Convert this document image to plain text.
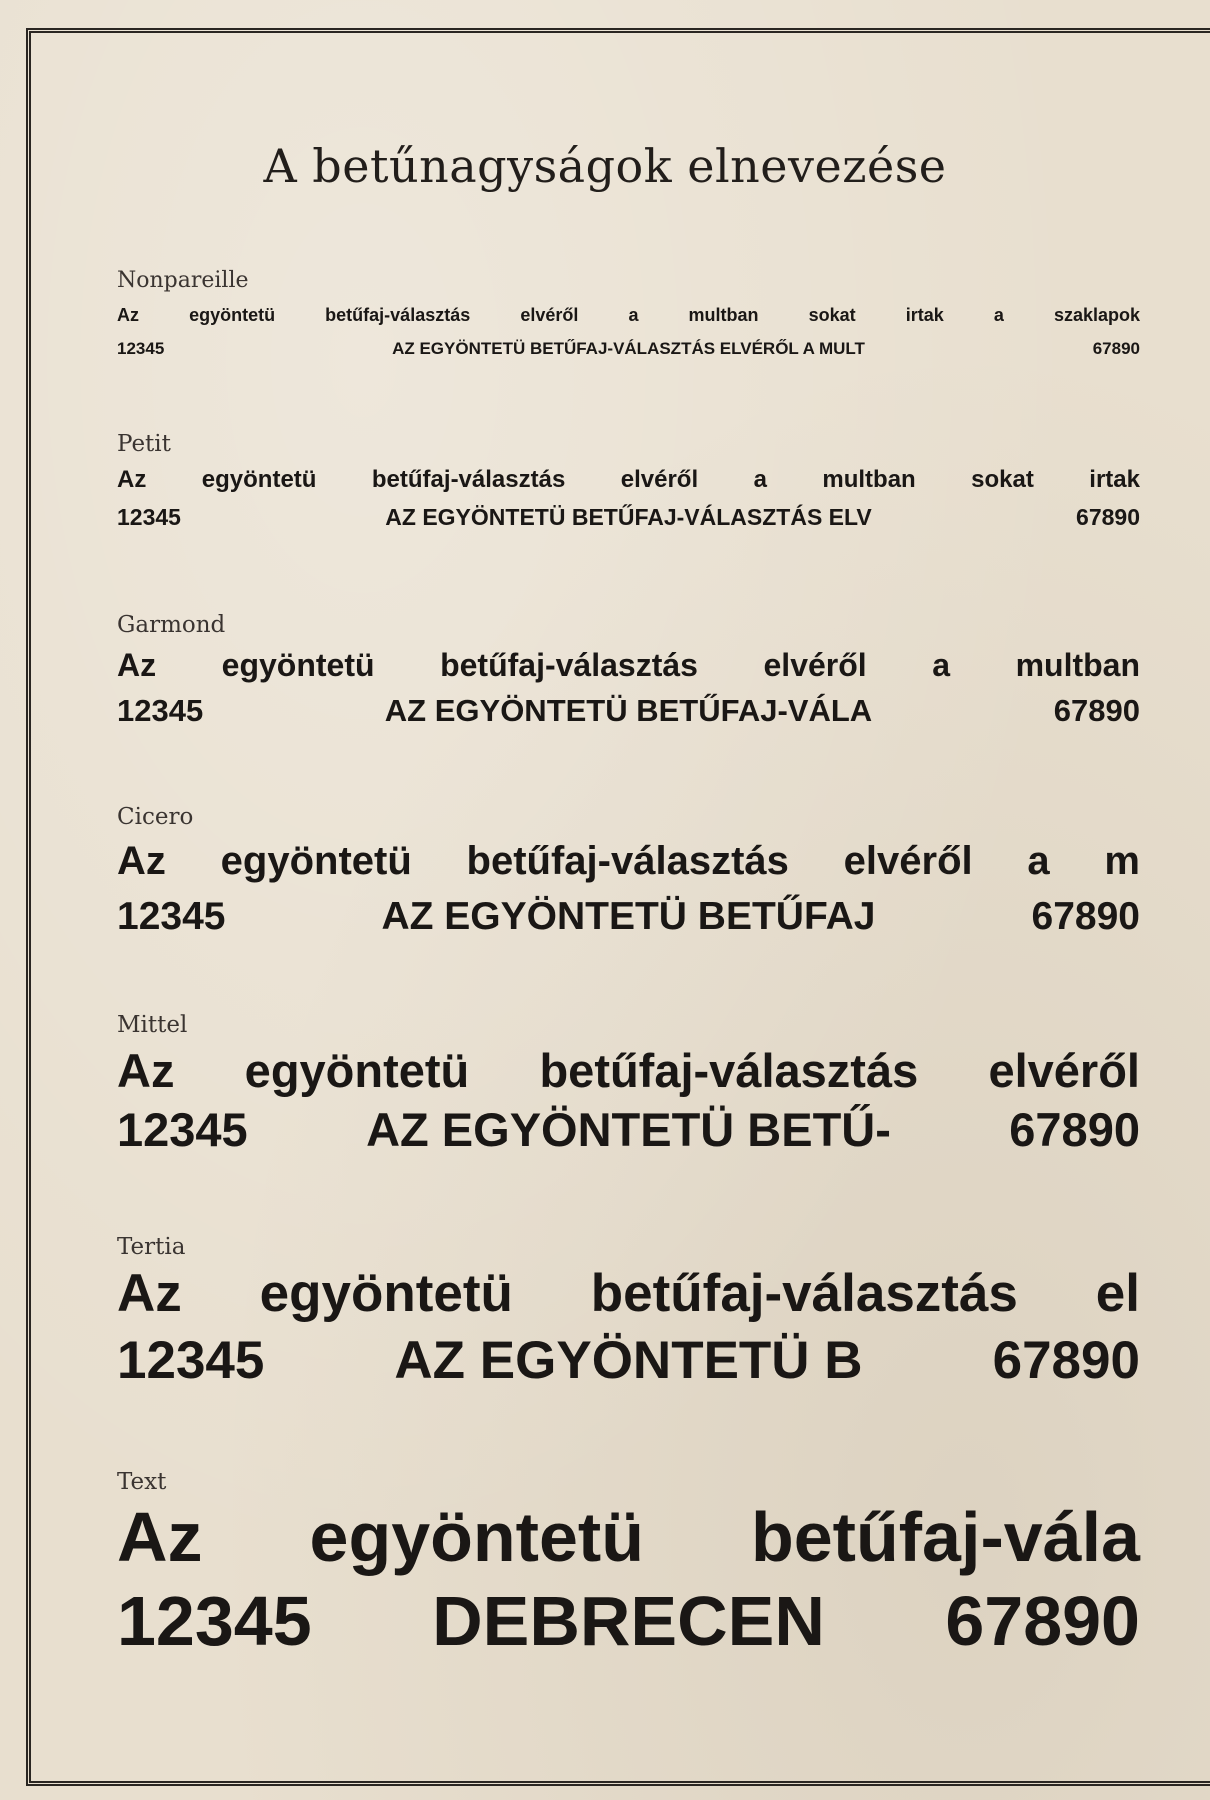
A betűnagyságok elnevezése
Nonpareille
Az egyöntetü betűfaj-választás elvéről a multban sokat irtak a szaklapok
12345	AZ EGYÖNTETÜ BETŰFAJ-VÁLASZTÁS ELVÉRŐL A MULT	67890
Petit
Az egyöntetü betűfaj-választás elvéről a multban sokat irtak
12345	AZ EGYÖNTETÜ BETŰFAJ-VÁLASZTÁS ELV	67890
Garmond
Az egyöntetü betűfaj-választás elvéről a multban
12345	AZ EGYÖNTETÜ BETŰFAJ-VÁLA	67890
Cicero
Az egyöntetü betűfaj-választás elvéről a m
12345	AZ EGYÖNTETÜ BETŰFAJ	67890
Mittel
Az egyöntetü betűfaj-választás elvéről
12345	AZ EGYÖNTETÜ BETŰ-	67890
Tertia
Az egyöntetü betűfaj-választás el
12345 AZ EGYÖNTETÜ B 67890
Text
Az egyöntetü betűfaj-vála
12345 DEBRECEN 67890
